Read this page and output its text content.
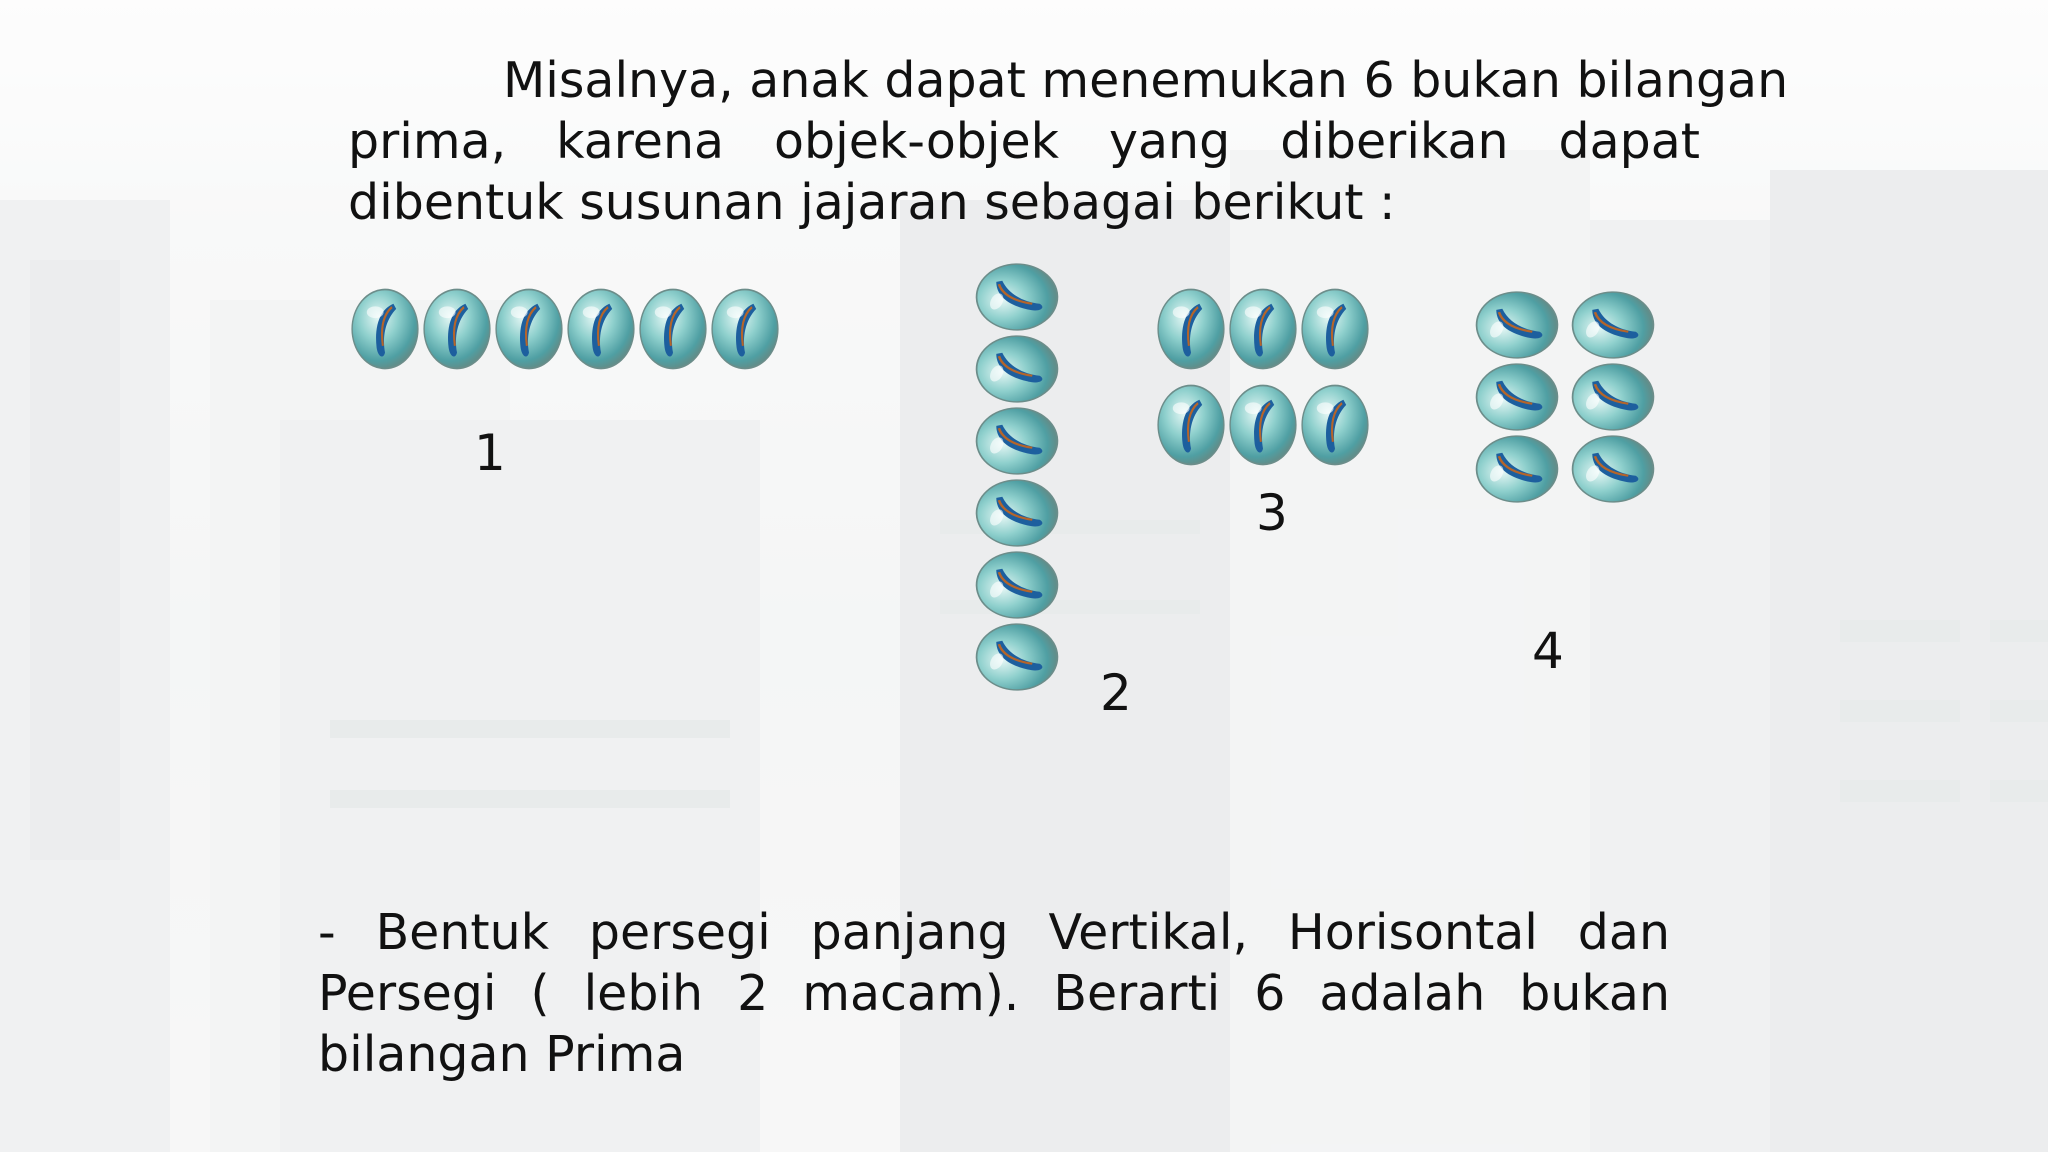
Misalnya, anak dapat menemukan 6 bukan bilangan
prima, karena objek-objek yang diberikan dapat
dibentuk susunan jajaran sebagai berikut :
1
2
3
4
- Bentuk persegi panjang Vertikal, Horisontal dan
Persegi ( lebih 2 macam). Berarti 6 adalah bukan
bilangan Prima
